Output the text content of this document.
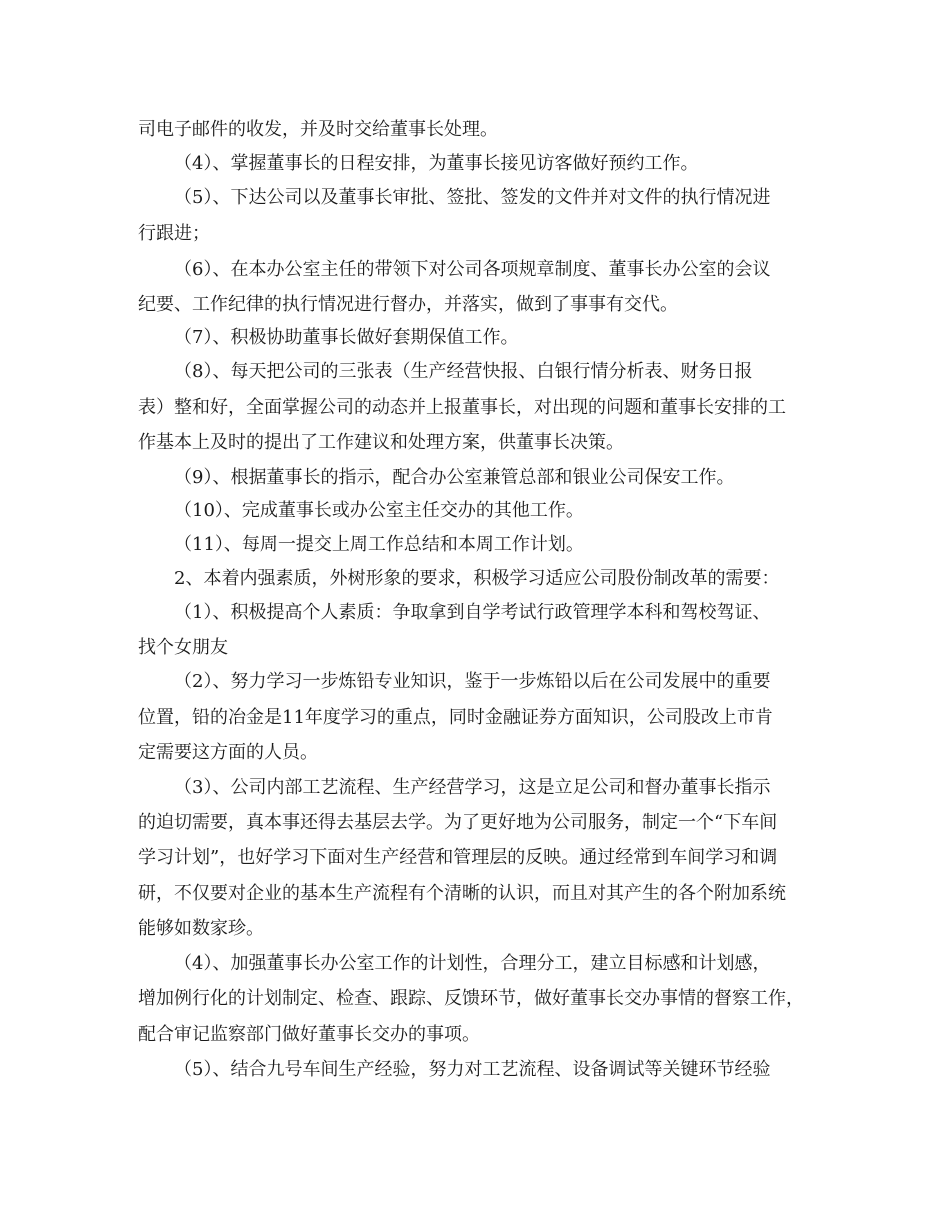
司电子邮件的收发，并及时交给董事长处理。
（4）、掌握董事长的日程安排，为董事长接见访客做好预约工作。
（5）、下达公司以及董事长审批、签批、签发的文件并对文件的执行情况进
行跟进；
（6）、在本办公室主任的带领下对公司各项规章制度、董事长办公室的会议
纪要、工作纪律的执行情况进行督办，并落实，做到了事事有交代。
（7）、积极协助董事长做好套期保值工作。
（8）、每天把公司的三张表（生产经营快报、白银行情分析表、财务日报
表）整和好，全面掌握公司的动态并上报董事长，对出现的问题和董事长安排的工
作基本上及时的提出了工作建议和处理方案，供董事长决策。
（9）、根据董事长的指示，配合办公室兼管总部和银业公司保安工作。
（10）、完成董事长或办公室主任交办的其他工作。
（11）、每周一提交上周工作总结和本周工作计划。
2、本着内强素质，外树形象的要求，积极学习适应公司股份制改革的需要：
（1）、积极提高个人素质：争取拿到自学考试行政管理学本科和驾校驾证、
找个女朋友
（2）、努力学习一步炼铅专业知识，鉴于一步炼铅以后在公司发展中的重要
位置，铅的冶金是11年度学习的重点，同时金融证券方面知识，公司股改上市肯
定需要这方面的人员。
（3）、公司内部工艺流程、生产经营学习，这是立足公司和督办董事长指示
的迫切需要，真本事还得去基层去学。为了更好地为公司服务，制定一个“下车间
学习计划”，也好学习下面对生产经营和管理层的反映。通过经常到车间学习和调
研，不仅要对企业的基本生产流程有个清晰的认识，而且对其产生的各个附加系统
能够如数家珍。
（4）、加强董事长办公室工作的计划性，合理分工，建立目标感和计划感，
增加例行化的计划制定、检查、跟踪、反馈环节，做好董事长交办事情的督察工作，
配合审记监察部门做好董事长交办的事项。
（5）、结合九号车间生产经验，努力对工艺流程、设备调试等关键环节经验
